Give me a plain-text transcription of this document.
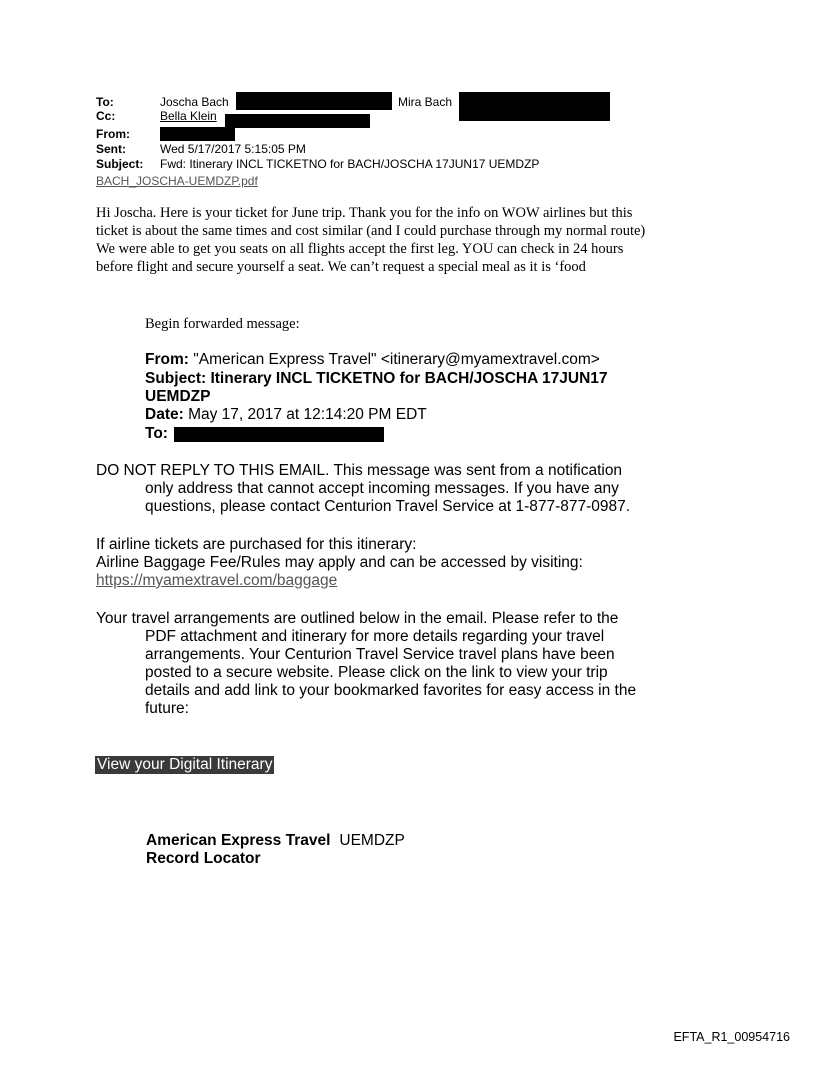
To:	Joscha Bach	Mira Bach
Cc:	Bella Klein
From:
Sent:	Wed 5/17/2017 5:15:05 PM
Subject: Fwd: Itinerary INCL TICKETNO for BACH/JOSCHA 17JUN17 UEMDZP
BACH_JOSCHA-UEMDZP.pdf
Hi Joscha. Here is your ticket for June trip. Thank you for the info on WOW airlines but this
ticket is about the same times and cost similar (and I could purchase through my normal route)
We were able to get you seats on all flights accept the first leg. YOU can check in 24 hours
before flight and secure yourself a seat. We can’t request a special meal as it is ‘food
Begin forwarded message:
From: "American Express Travel" <itinerary@myamextravel.com>
Subject: Itinerary INCL TICKETNO for BACH/JOSCHA 17JUN17
UEMDZP
Date: May 17, 2017 at 12:14:20 PM EDT
To:
DO NOT REPLY TO THIS EMAIL. This message was sent from a notification
only address that cannot accept incoming messages. If you have any
questions, please contact Centurion Travel Service at 1-877-877-0987.
If airline tickets are purchased for this itinerary:
Airline Baggage Fee/Rules may apply and can be accessed by visiting:
https://myamextravel.com/baggage
Your travel arrangements are outlined below in the email. Please refer to the
PDF attachment and itinerary for more details regarding your travel
arrangements. Your Centurion Travel Service travel plans have been
posted to a secure website. Please click on the link to view your trip
details and add link to your bookmarked favorites for easy access in the
future:
View your Digital Itinerary
American Express Travel UEMDZP
Record Locator
EFTA_R1_00954716
